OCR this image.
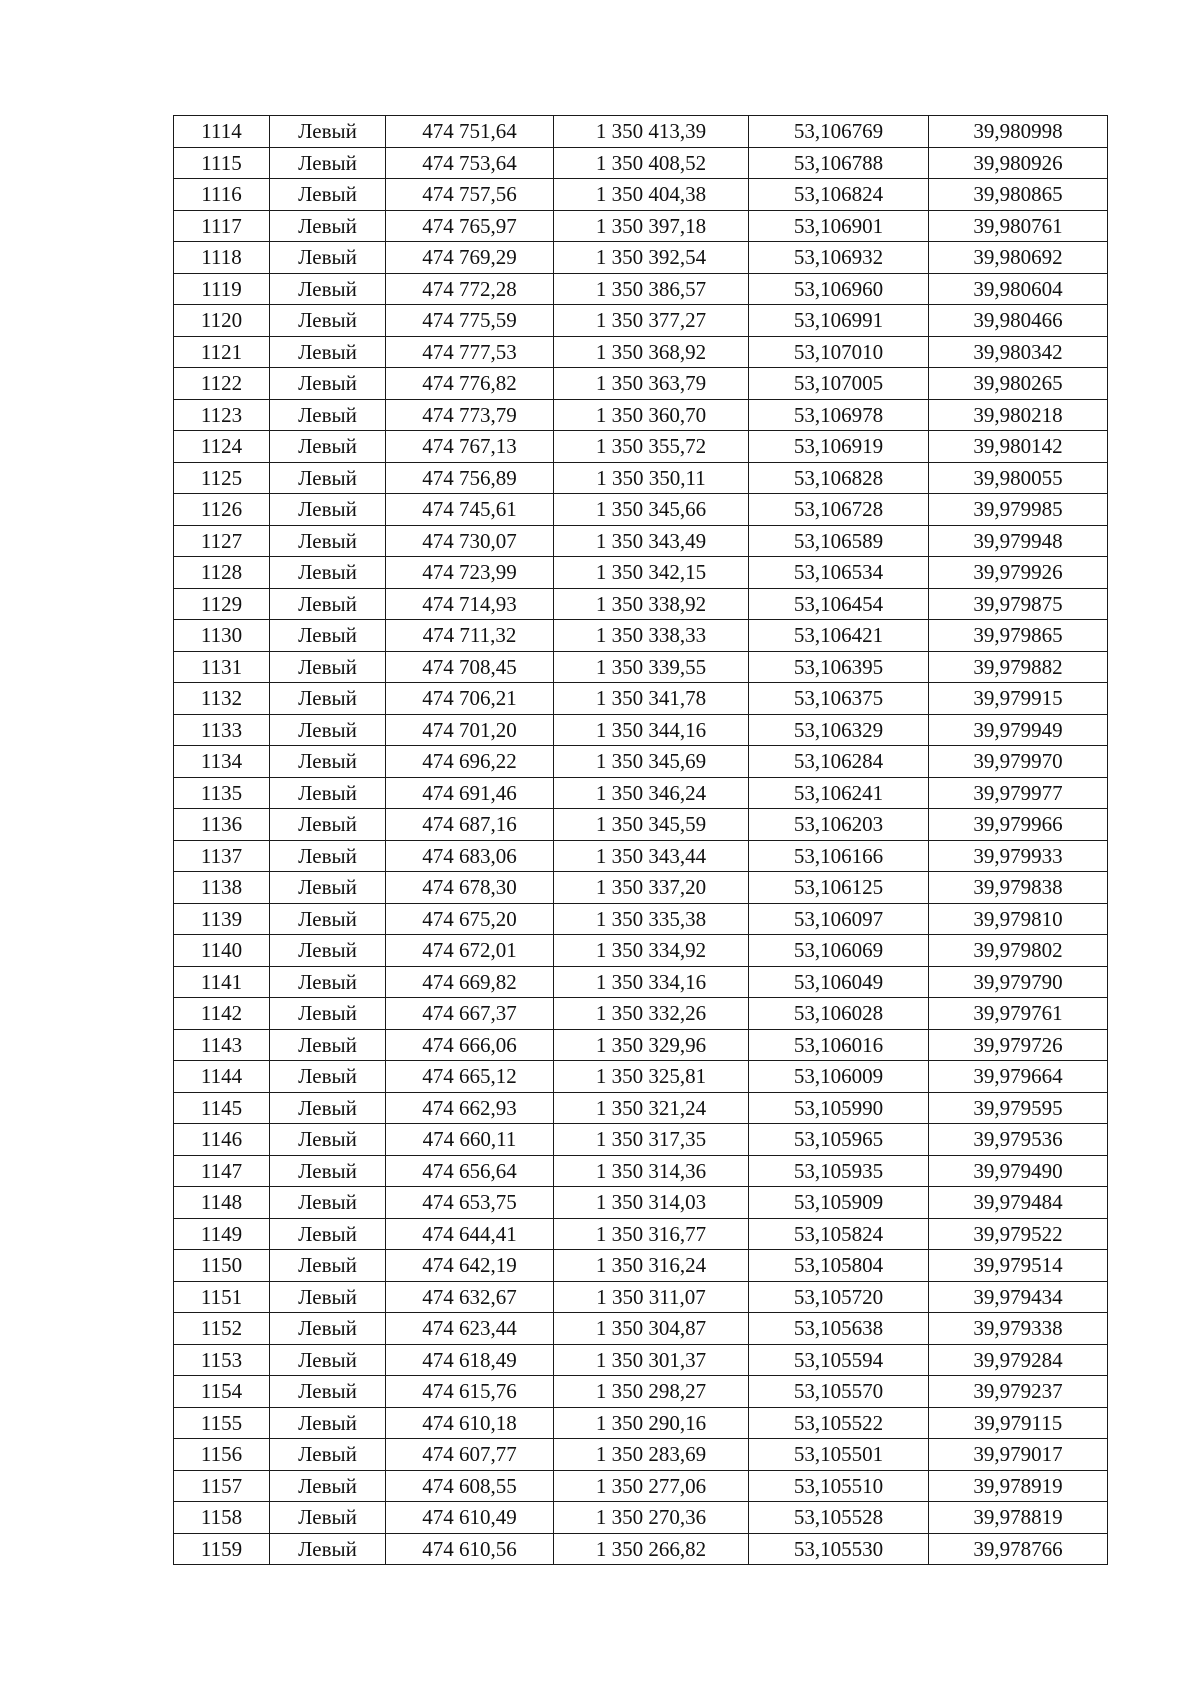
1114	Левый	474 751,64	1 350 413,39	53,106769	39,980998
1115	Левый	474 753,64	1 350 408,52	53,106788	39,980926
1116	Левый	474 757,56	1 350 404,38	53,106824	39,980865
1117	Левый	474 765,97	1 350 397,18	53,106901	39,980761
1118	Левый	474 769,29	1 350 392,54	53,106932	39,980692
1119	Левый	474 772,28	1 350 386,57	53,106960	39,980604
1120	Левый	474 775,59	1 350 377,27	53,106991	39,980466
1121	Левый	474 777,53	1 350 368,92	53,107010	39,980342
1122	Левый	474 776,82	1 350 363,79	53,107005	39,980265
1123	Левый	474 773,79	1 350 360,70	53,106978	39,980218
1124	Левый	474 767,13	1 350 355,72	53,106919	39,980142
1125	Левый	474 756,89	1 350 350,11	53,106828	39,980055
1126	Левый	474 745,61	1 350 345,66	53,106728	39,979985
1127	Левый	474 730,07	1 350 343,49	53,106589	39,979948
1128	Левый	474 723,99	1 350 342,15	53,106534	39,979926
1129	Левый	474 714,93	1 350 338,92	53,106454	39,979875
1130	Левый	474 711,32	1 350 338,33	53,106421	39,979865
1131	Левый	474 708,45	1 350 339,55	53,106395	39,979882
1132	Левый	474 706,21	1 350 341,78	53,106375	39,979915
1133	Левый	474 701,20	1 350 344,16	53,106329	39,979949
1134	Левый	474 696,22	1 350 345,69	53,106284	39,979970
1135	Левый	474 691,46	1 350 346,24	53,106241	39,979977
1136	Левый	474 687,16	1 350 345,59	53,106203	39,979966
1137	Левый	474 683,06	1 350 343,44	53,106166	39,979933
1138	Левый	474 678,30	1 350 337,20	53,106125	39,979838
1139	Левый	474 675,20	1 350 335,38	53,106097	39,979810
1140	Левый	474 672,01	1 350 334,92	53,106069	39,979802
1141	Левый	474 669,82	1 350 334,16	53,106049	39,979790
1142	Левый	474 667,37	1 350 332,26	53,106028	39,979761
1143	Левый	474 666,06	1 350 329,96	53,106016	39,979726
1144	Левый	474 665,12	1 350 325,81	53,106009	39,979664
1145	Левый	474 662,93	1 350 321,24	53,105990	39,979595
1146	Левый	474 660,11	1 350 317,35	53,105965	39,979536
1147	Левый	474 656,64	1 350 314,36	53,105935	39,979490
1148	Левый	474 653,75	1 350 314,03	53,105909	39,979484
1149	Левый	474 644,41	1 350 316,77	53,105824	39,979522
1150	Левый	474 642,19	1 350 316,24	53,105804	39,979514
1151	Левый	474 632,67	1 350 311,07	53,105720	39,979434
1152	Левый	474 623,44	1 350 304,87	53,105638	39,979338
1153	Левый	474 618,49	1 350 301,37	53,105594	39,979284
1154	Левый	474 615,76	1 350 298,27	53,105570	39,979237
1155	Левый	474 610,18	1 350 290,16	53,105522	39,979115
1156	Левый	474 607,77	1 350 283,69	53,105501	39,979017
1157	Левый	474 608,55	1 350 277,06	53,105510	39,978919
1158	Левый	474 610,49	1 350 270,36	53,105528	39,978819
1159	Левый	474 610,56	1 350 266,82	53,105530	39,978766
